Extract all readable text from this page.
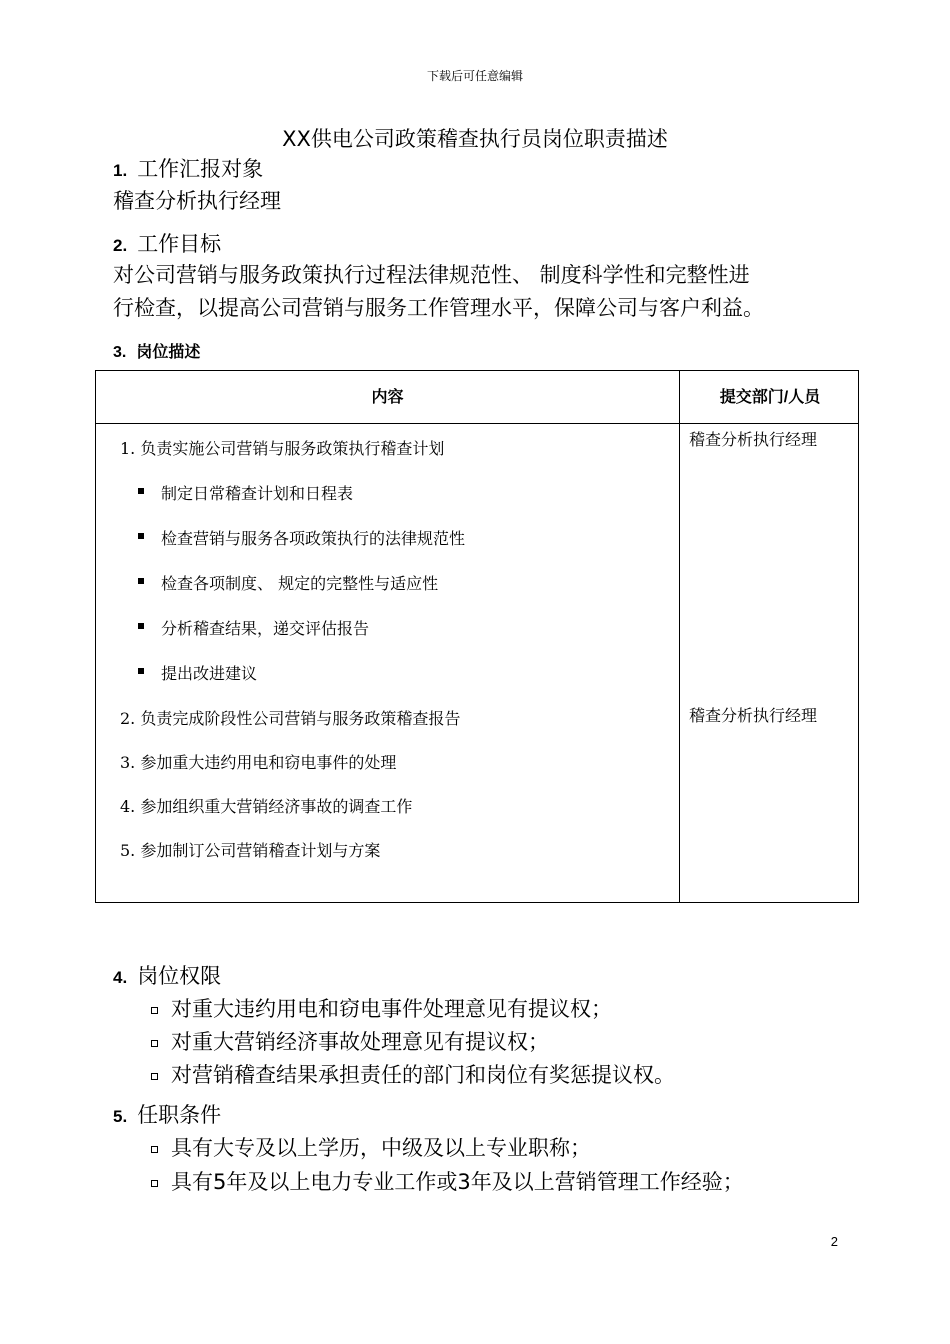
下载后可任意编辑
XX供电公司政策稽查执行员岗位职责描述
1. 工作汇报对象
稽查分析执行经理
2. 工作目标
对公司营销与服务政策执行过程法律规范性、 制度科学性和完整性进
行检查，以提高公司营销与服务工作管理水平，保障公司与客户利益。
3. 岗位描述
内容	提交部门/人员
1. 负责实施公司营销与服务政策执行稽查计划
制定日常稽查计划和日程表
检查营销与服务各项政策执行的法律规范性
检查各项制度、 规定的完整性与适应性
分析稽查结果，递交评估报告
提出改进建议
2. 负责完成阶段性公司营销与服务政策稽查报告
3. 参加重大违约用电和窃电事件的处理
4. 参加组织重大营销经济事故的调查工作
5. 参加制订公司营销稽查计划与方案
稽查分析执行经理
稽查分析执行经理
4. 岗位权限
对重大违约用电和窃电事件处理意见有提议权；
对重大营销经济事故处理意见有提议权；
对营销稽查结果承担责任的部门和岗位有奖惩提议权。
5. 任职条件
具有大专及以上学历，中级及以上专业职称；
具有5年及以上电力专业工作或3年及以上营销管理工作经验；
2
